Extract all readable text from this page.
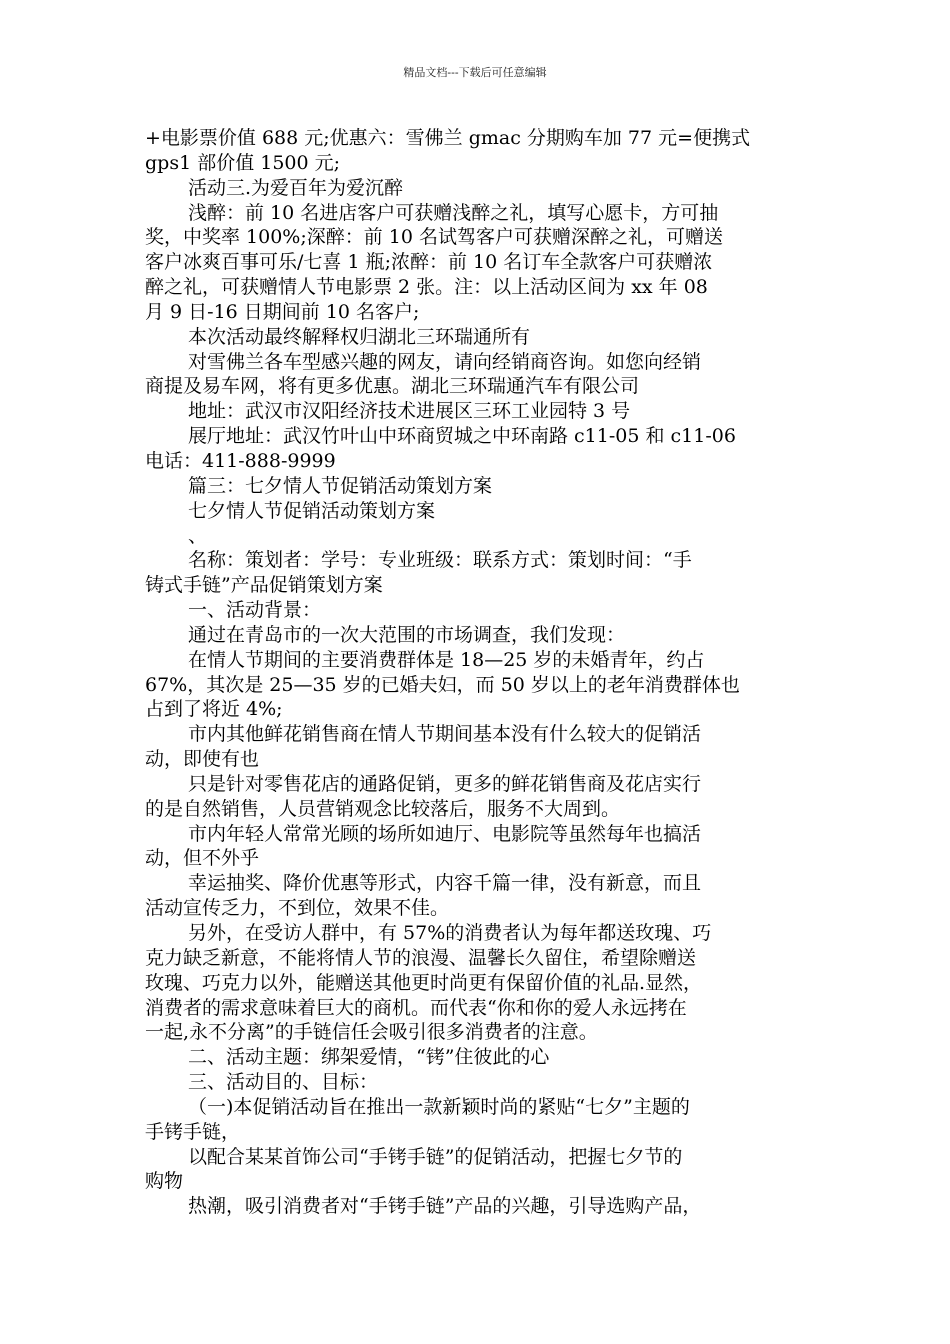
精品文档---下载后可任意编辑
+电影票价值 688 元;优惠六：雪佛兰 gmac 分期购车加 77 元=便携式
gps1 部价值 1500 元;
活动三.为爱百年为爱沉醉
浅醉：前 10 名进店客户可获赠浅醉之礼，填写心愿卡，方可抽
奖，中奖率 100%;深醉：前 10 名试驾客户可获赠深醉之礼，可赠送
客户冰爽百事可乐/七喜 1 瓶;浓醉：前 10 名订车全款客户可获赠浓
醉之礼，可获赠情人节电影票 2 张。注：以上活动区间为 xx 年 08
月 9 日-16 日期间前 10 名客户;
本次活动最终解释权归湖北三环瑞通所有
对雪佛兰各车型感兴趣的网友，请向经销商咨询。如您向经销
商提及易车网，将有更多优惠。湖北三环瑞通汽车有限公司
地址：武汉市汉阳经济技术进展区三环工业园特 3 号
展厅地址：武汉竹叶山中环商贸城之中环南路 c11-05 和 c11-06
电话：411-888-9999
篇三：七夕情人节促销活动策划方案
七夕情人节促销活动策划方案
、
名称：策划者：学号：专业班级：联系方式：策划时间：“手
铸式手链”产品促销策划方案
一、活动背景：
通过在青岛市的一次大范围的市场调查，我们发现：
在情人节期间的主要消费群体是 18—25 岁的未婚青年，约占
67%，其次是 25—35 岁的已婚夫妇，而 50 岁以上的老年消费群体也
占到了将近 4%;
市内其他鲜花销售商在情人节期间基本没有什么较大的促销活
动，即使有也
只是针对零售花店的通路促销，更多的鲜花销售商及花店实行
的是自然销售，人员营销观念比较落后，服务不大周到。
市内年轻人常常光顾的场所如迪厅、电影院等虽然每年也搞活
动，但不外乎
幸运抽奖、降价优惠等形式，内容千篇一律，没有新意，而且
活动宣传乏力，不到位，效果不佳。
另外，在受访人群中，有 57%的消费者认为每年都送玫瑰、巧
克力缺乏新意，不能将情人节的浪漫、温馨长久留住，希望除赠送
玫瑰、巧克力以外，能赠送其他更时尚更有保留价值的礼品.显然，
消费者的需求意味着巨大的商机。而代表“你和你的爱人永远拷在
一起,永不分离”的手链信任会吸引很多消费者的注意。
二、活动主题：绑架爱情，“铐”住彼此的心
三、活动目的、目标：
（一)本促销活动旨在推出一款新颖时尚的紧贴“七夕”主题的
手铐手链，
以配合某某首饰公司“手铐手链”的促销活动，把握七夕节的
购物
热潮，吸引消费者对“手铐手链”产品的兴趣，引导选购产品，
